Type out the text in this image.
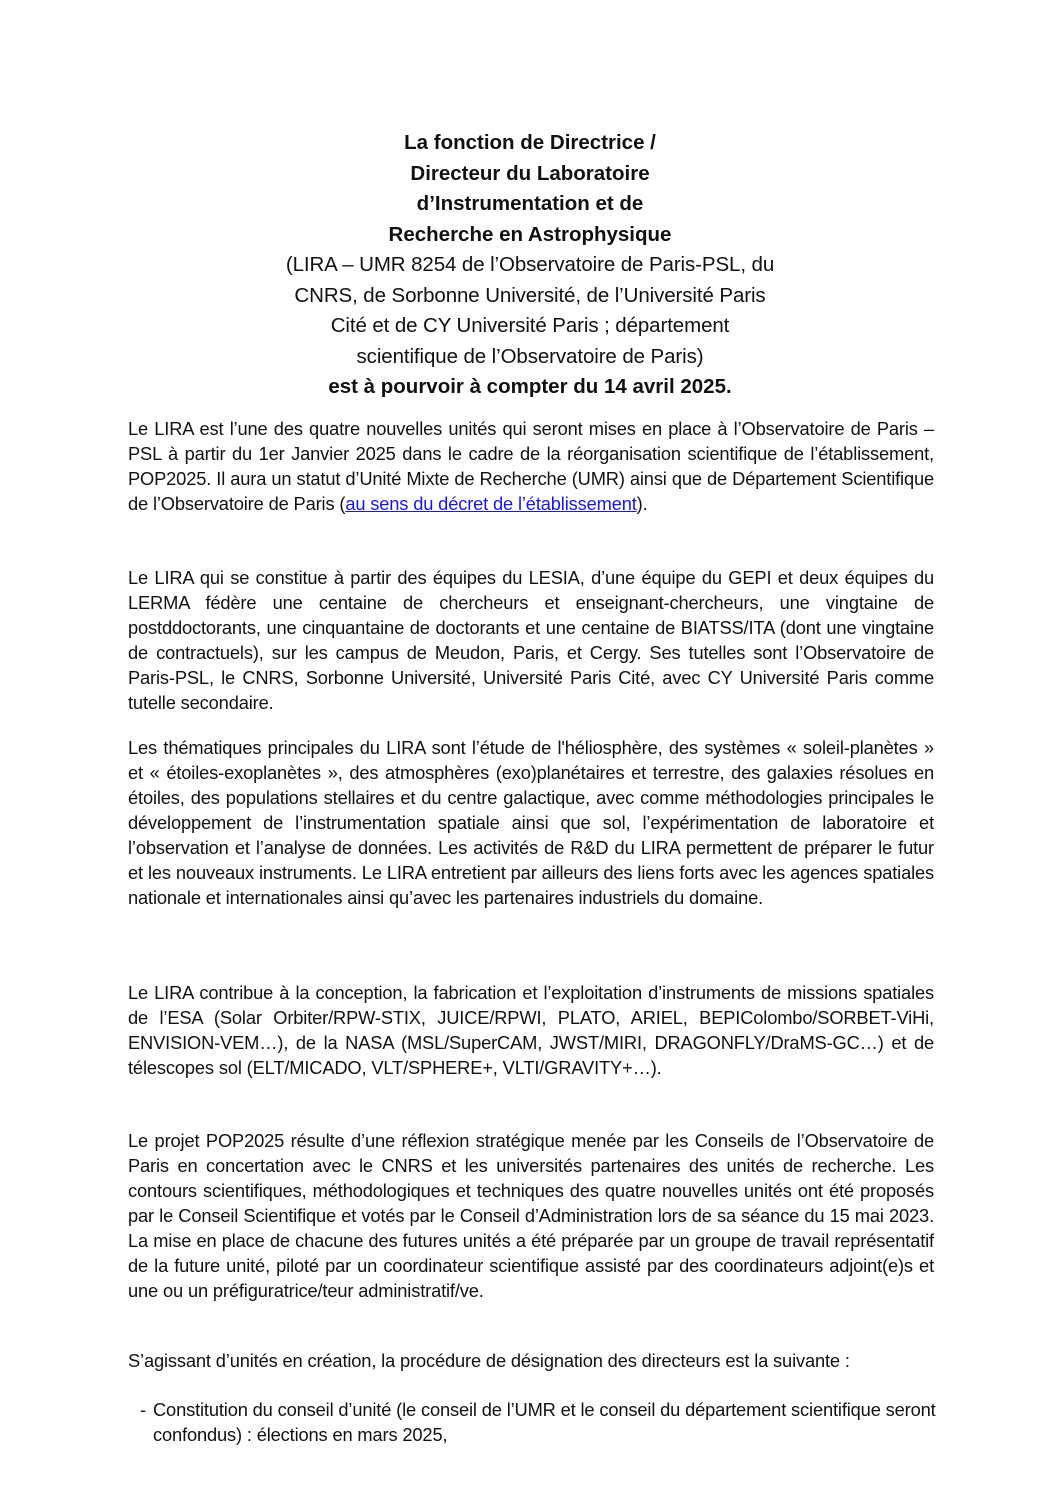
La fonction de Directrice /
Directeur du Laboratoire
d’Instrumentation et de
Recherche en Astrophysique
(LIRA – UMR 8254 de l’Observatoire de Paris-PSL, du
CNRS, de Sorbonne Université, de l’Université Paris
Cité et de CY Université Paris ; département
scientifique de l’Observatoire de Paris)
est à pourvoir à compter du 14 avril 2025.

Le LIRA est l’une des quatre nouvelles unités qui seront mises en place à l’Observatoire de Paris – PSL à partir du 1er Janvier 2025 dans le cadre de la réorganisation scientifique de l’établissement, POP2025. Il aura un statut d’Unité Mixte de Recherche (UMR) ainsi que de Département Scientifique de l’Observatoire de Paris (au sens du décret de l’établissement).

Le LIRA qui se constitue à partir des équipes du LESIA, d’une équipe du GEPI et deux équipes du LERMA fédère une centaine de chercheurs et enseignant-chercheurs, une vingtaine de postddoctorants, une cinquantaine de doctorants et une centaine de BIATSS/ITA (dont une vingtaine de contractuels), sur les campus de Meudon, Paris, et Cergy. Ses tutelles sont l’Observatoire de Paris-PSL, le CNRS, Sorbonne Université, Université Paris Cité, avec CY Université Paris comme tutelle secondaire.

Les thématiques principales du LIRA sont l’étude de l'héliosphère, des systèmes « soleil-planètes » et « étoiles-exoplanètes », des atmosphères (exo)planétaires et terrestre, des galaxies résolues en étoiles, des populations stellaires et du centre galactique, avec comme méthodologies principales le développement de l’instrumentation spatiale ainsi que sol, l’expérimentation de laboratoire et l’observation et l’analyse de données. Les activités de R&D du LIRA permettent de préparer le futur et les nouveaux instruments. Le LIRA entretient par ailleurs des liens forts avec les agences spatiales nationale et internationales ainsi qu’avec les partenaires industriels du domaine.

Le LIRA contribue à la conception, la fabrication et l’exploitation d’instruments de missions spatiales de l’ESA (Solar Orbiter/RPW-STIX, JUICE/RPWI, PLATO, ARIEL, BEPIColombo/SORBET-ViHi, ENVISION-VEM…), de la NASA (MSL/SuperCAM, JWST/MIRI, DRAGONFLY/DraMS-GC…) et de télescopes sol (ELT/MICADO, VLT/SPHERE+, VLTI/GRAVITY+…).

Le projet POP2025 résulte d’une réflexion stratégique menée par les Conseils de l’Observatoire de Paris en concertation avec le CNRS et les universités partenaires des unités de recherche. Les contours scientifiques, méthodologiques et techniques des quatre nouvelles unités ont été proposés par le Conseil Scientifique et votés par le Conseil d’Administration lors de sa séance du 15 mai 2023. La mise en place de chacune des futures unités a été préparée par un groupe de travail représentatif de la future unité, piloté par un coordinateur scientifique assisté par des coordinateurs adjoint(e)s et une ou un préfiguratrice/teur administratif/ve.

S’agissant d’unités en création, la procédure de désignation des directeurs est la suivante :

- Constitution du conseil d’unité (le conseil de l’UMR et le conseil du département scientifique seront confondus) : élections en mars 2025,
